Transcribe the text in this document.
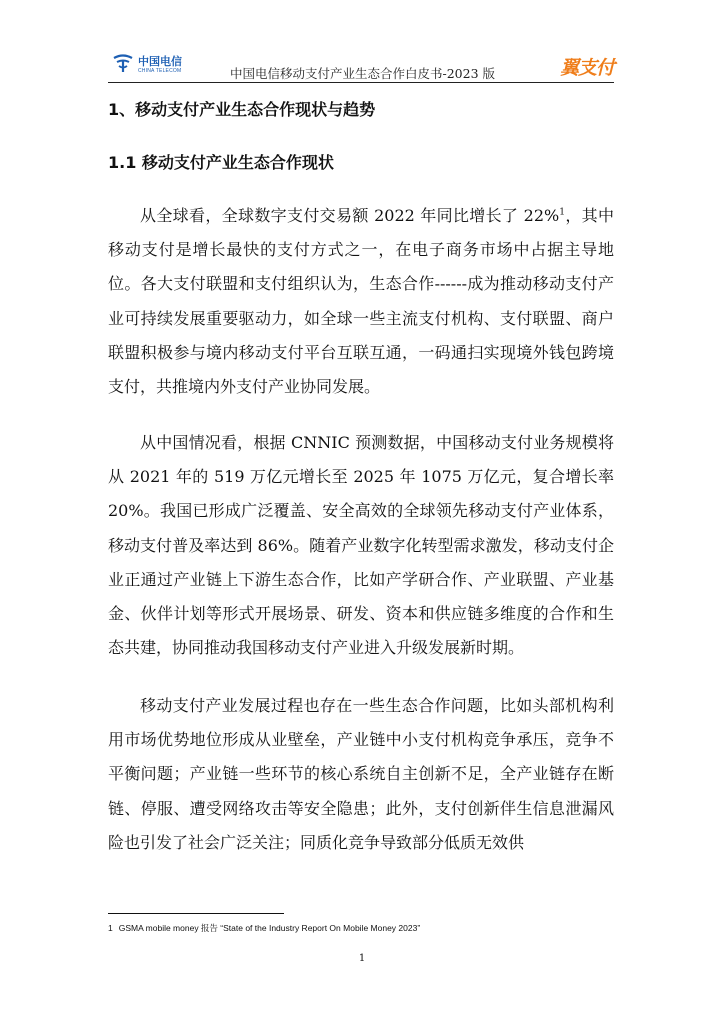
中国电信
CHINA TELECOM	中国电信移动支付产业生态合作白皮书-2023 版	翼支付
1、移动支付产业生态合作现状与趋势
1.1 移动支付产业生态合作现状

从全球看，全球数字支付交易额 2022 年同比增长了 22%$^1$，其中移动支付是增长最快的支付方式之一，在电子商务市场中占据主导地位。各大支付联盟和支付组织认为，生态合作------成为推动移动支付产业可持续发展重要驱动力，如全球一些主流支付机构、支付联盟、商户联盟积极参与境内移动支付平台互联互通，一码通扫实现境外钱包跨境支付，共推境内外支付产业协同发展。

从中国情况看，根据 CNNIC 预测数据，中国移动支付业务规模将从 2021 年的 519 万亿元增长至 2025 年 1075 万亿元，复合增长率 20%。我国已形成广泛覆盖、安全高效的全球领先移动支付产业体系，移动支付普及率达到 86%。随着产业数字化转型需求激发，移动支付企业正通过产业链上下游生态合作，比如产学研合作、产业联盟、产业基金、伙伴计划等形式开展场景、研发、资本和供应链多维度的合作和生态共建，协同推动我国移动支付产业进入升级发展新时期。

移动支付产业发展过程也存在一些生态合作问题，比如头部机构利用市场优势地位形成从业壁垒，产业链中小支付机构竞争承压，竞争不平衡问题；产业链一些环节的核心系统自主创新不足，全产业链存在断链、停服、遭受网络攻击等安全隐患；此外，支付创新伴生信息泄漏风险也引发了社会广泛关注；同质化竞争导致部分低质无效供

1 GSMA mobile money 报告 “State of the Industry Report On Mobile Money 2023”
1
